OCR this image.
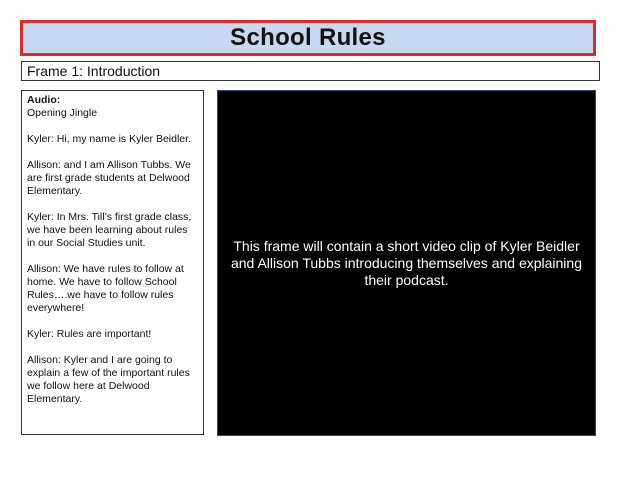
School Rules
Frame 1: Introduction
Audio:

Opening Jingle

Kyler: Hi, my name is Kyler Beidler.

Allison: and I am Allison Tubbs. We are first grade students at Delwood Elementary.

Kyler: In Mrs. Till’s first grade class, we have been learning about rules in our Social Studies unit.

Allison: We have rules to follow at home. We have to follow School Rules….we have to follow rules everywhere!

Kyler: Rules are important!

Allison: Kyler and I are going to explain a few of the important rules we follow here at Delwood Elementary.

This frame will contain a short video clip of Kyler Beidler and Allison Tubbs introducing themselves and explaining their podcast.
